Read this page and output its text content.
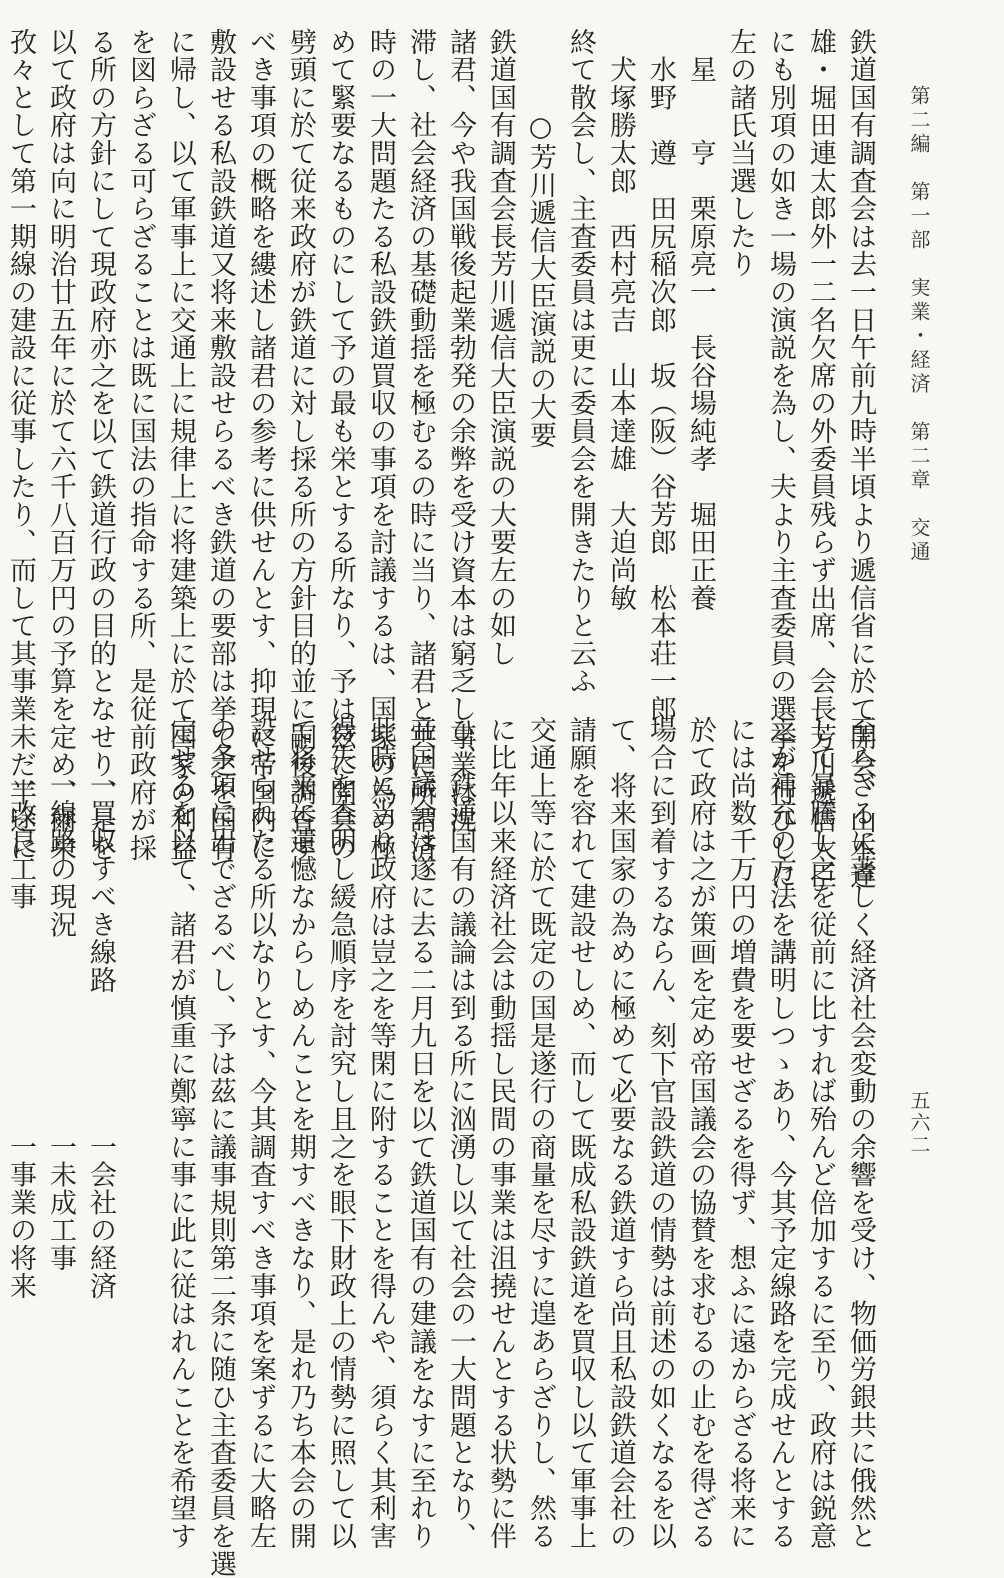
第二編　第一部　実業・経済　第二章　交通
五六二
鉄道国有調査会は去一日午前九時半頃より遞信省に於て開会、山本達
雄・堀田連太郎外一二名欠席の外委員残らず出席、会長芳川遞信大臣
にも別項の如き一場の演説を為し、夫より主査委員の選挙を行ひしに
左の諸氏当選したり
　星　　亨　栗原亮一　長谷場純孝　堀田正養
　水野　遵　田尻稲次郎　坂（阪）谷芳郎　松本荘一郎
　犬塚勝太郎　西村亮吉　山本達雄　大迫尚敏
終て散会し、主査委員は更に委員会を開きたりと云ふ
　　　○芳川遞信大臣演説の大要
鉄道国有調査会長芳川遞信大臣演説の大要左の如し
諸君、今や我国戦後起業勃発の余弊を受け資本は窮乏し事業は沈
滞し、社会経済の基礎動揺を極むるの時に当り、諸君と共に所謂済
時の一大問題たる私設鉄道買収の事項を討議するは、国家の為め極
めて緊要なるものにして予の最も栄とする所なり、予は茲に開会の
劈頭に於て従来政府が鉄道に対し採る所の方針目的並に嗣後調査す
べき事項の概略を縷述し諸君の参考に供せんとす、抑現に帝国内に
敷設せる私設鉄道又将来敷設せらるべき鉄道の要部は挙て之を国有
に帰し、以て軍事上に交通上に規律上に将建築上に於て国家の利益
を図らざる可らざることは既に国法の指命する所、是従前政府が採
る所の方針にして現政府亦之を以て鉄道行政の目的となせり、是を
以て政府は向に明治廿五年に於て六千八百万円の予算を定め、爾来
孜々として第一期線の建設に従事したり、而して其事業未だ半途に
至らざるに著しく経済社会変動の余響を受け、物価労銀共に俄然と
して暴騰し之を従前に比すれば殆んど倍加するに至り、政府は鋭意
之が補充の方法を講明しつゝあり、今其予定線路を完成せんとする
には尚数千万円の増費を要せざるを得ず、想ふに遠からざる将来に
於て政府は之が策画を定め帝国議会の協賛を求むるの止むを得ざる
場合に到着するならん、刻下官設鉄道の情勢は前述の如くなるを以
て、将来国家の為めに極めて必要なる鉄道すら尚且私設鉄道会社の
請願を容れて建設せしめ、而して既成私設鉄道を買収し以て軍事上
交通上等に於て既定の国是遂行の商量を尽すに遑あらざりし、然る
に比年以来経済社会は動揺し民間の事業は沮撓せんとする状勢に伴
ひ、鉄道国有の議論は到る所に汹湧し以て社会の一大問題となり、
帝国議会は遂に去る二月九日を以て鉄道国有の建議をなすに至れり
此時に当り政府は豈之を等閑に附することを得んや、須らく其利害
得失を査明し緩急順序を討究し且之を眼下財政上の情勢に照して以
て将来に遺憾なからしめんことを期すべきなり、是れ乃ち本会の開
設せられたる所以なりとす、今其調査すべき事項を案ずるに大略左
の条項に出でざるべし、予は茲に議事規則第二条に随ひ主査委員を選
定せるを以て、諸君が慎重に鄭寧に事に此に従はれんことを希望す

　　一買収すべき線路　　　　　一会社の経済
　　一線路の現況　　　　　　　一未成工事
　　一改良工事　　　　　　　　一事業の将来
